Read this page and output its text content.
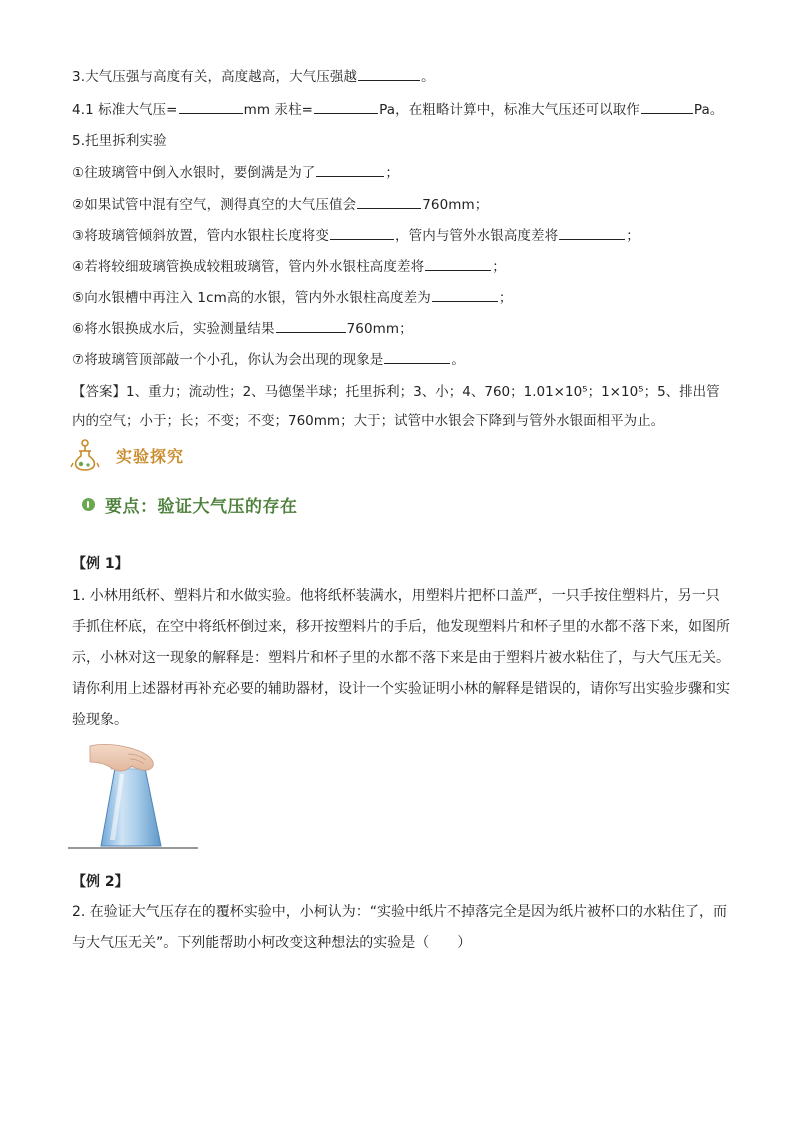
3.大气压强与高度有关，高度越高，大气压强越	。
4.1 标准大气压=	mm 汞柱=	Pa，在粗略计算中，标准大气压还可以取作	Pa。
5.托里拆利实验
①往玻璃管中倒入水银时，要倒满是为了	；
②如果试管中混有空气，测得真空的大气压值会	760mm；
③将玻璃管倾斜放置，管内水银柱长度将变	，管内与管外水银高度差将	；
④若将较细玻璃管换成较粗玻璃管，管内外水银柱高度差将	；
⑤向水银槽中再注入 1cm高的水银，管内外水银柱高度差为	；
⑥将水银换成水后，实验测量结果	760mm；
⑦将玻璃管顶部敲一个小孔，你认为会出现的现象是	。
【答案】1、重力；流动性；2、马德堡半球；托里拆利；3、小；4、760；1.01×10⁵；1×10⁵；5、排出管
内的空气；小于；长；不变；不变；760mm；大于；试管中水银会下降到与管外水银面相平为止。
实验探究
要点：验证大气压的存在
【例 1】
1. 小林用纸杯、塑料片和水做实验。他将纸杯装满水，用塑料片把杯口盖严，一只手按住塑料片，另一只手抓住杯底，在空中将纸杯倒过来，移开按塑料片的手后，他发现塑料片和杯子里的水都不落下来，如图所示，小林对这一现象的解释是：塑料片和杯子里的水都不落下来是由于塑料片被水粘住了，与大气压无关。请你利用上述器材再补充必要的辅助器材，设计一个实验证明小林的解释是错误的，请你写出实验步骤和实验现象。
【例 2】
2. 在验证大气压存在的覆杯实验中，小柯认为：“实验中纸片不掉落完全是因为纸片被杯口的水粘住了，而与大气压无关”。下列能帮助小柯改变这种想法的实验是（　　）
